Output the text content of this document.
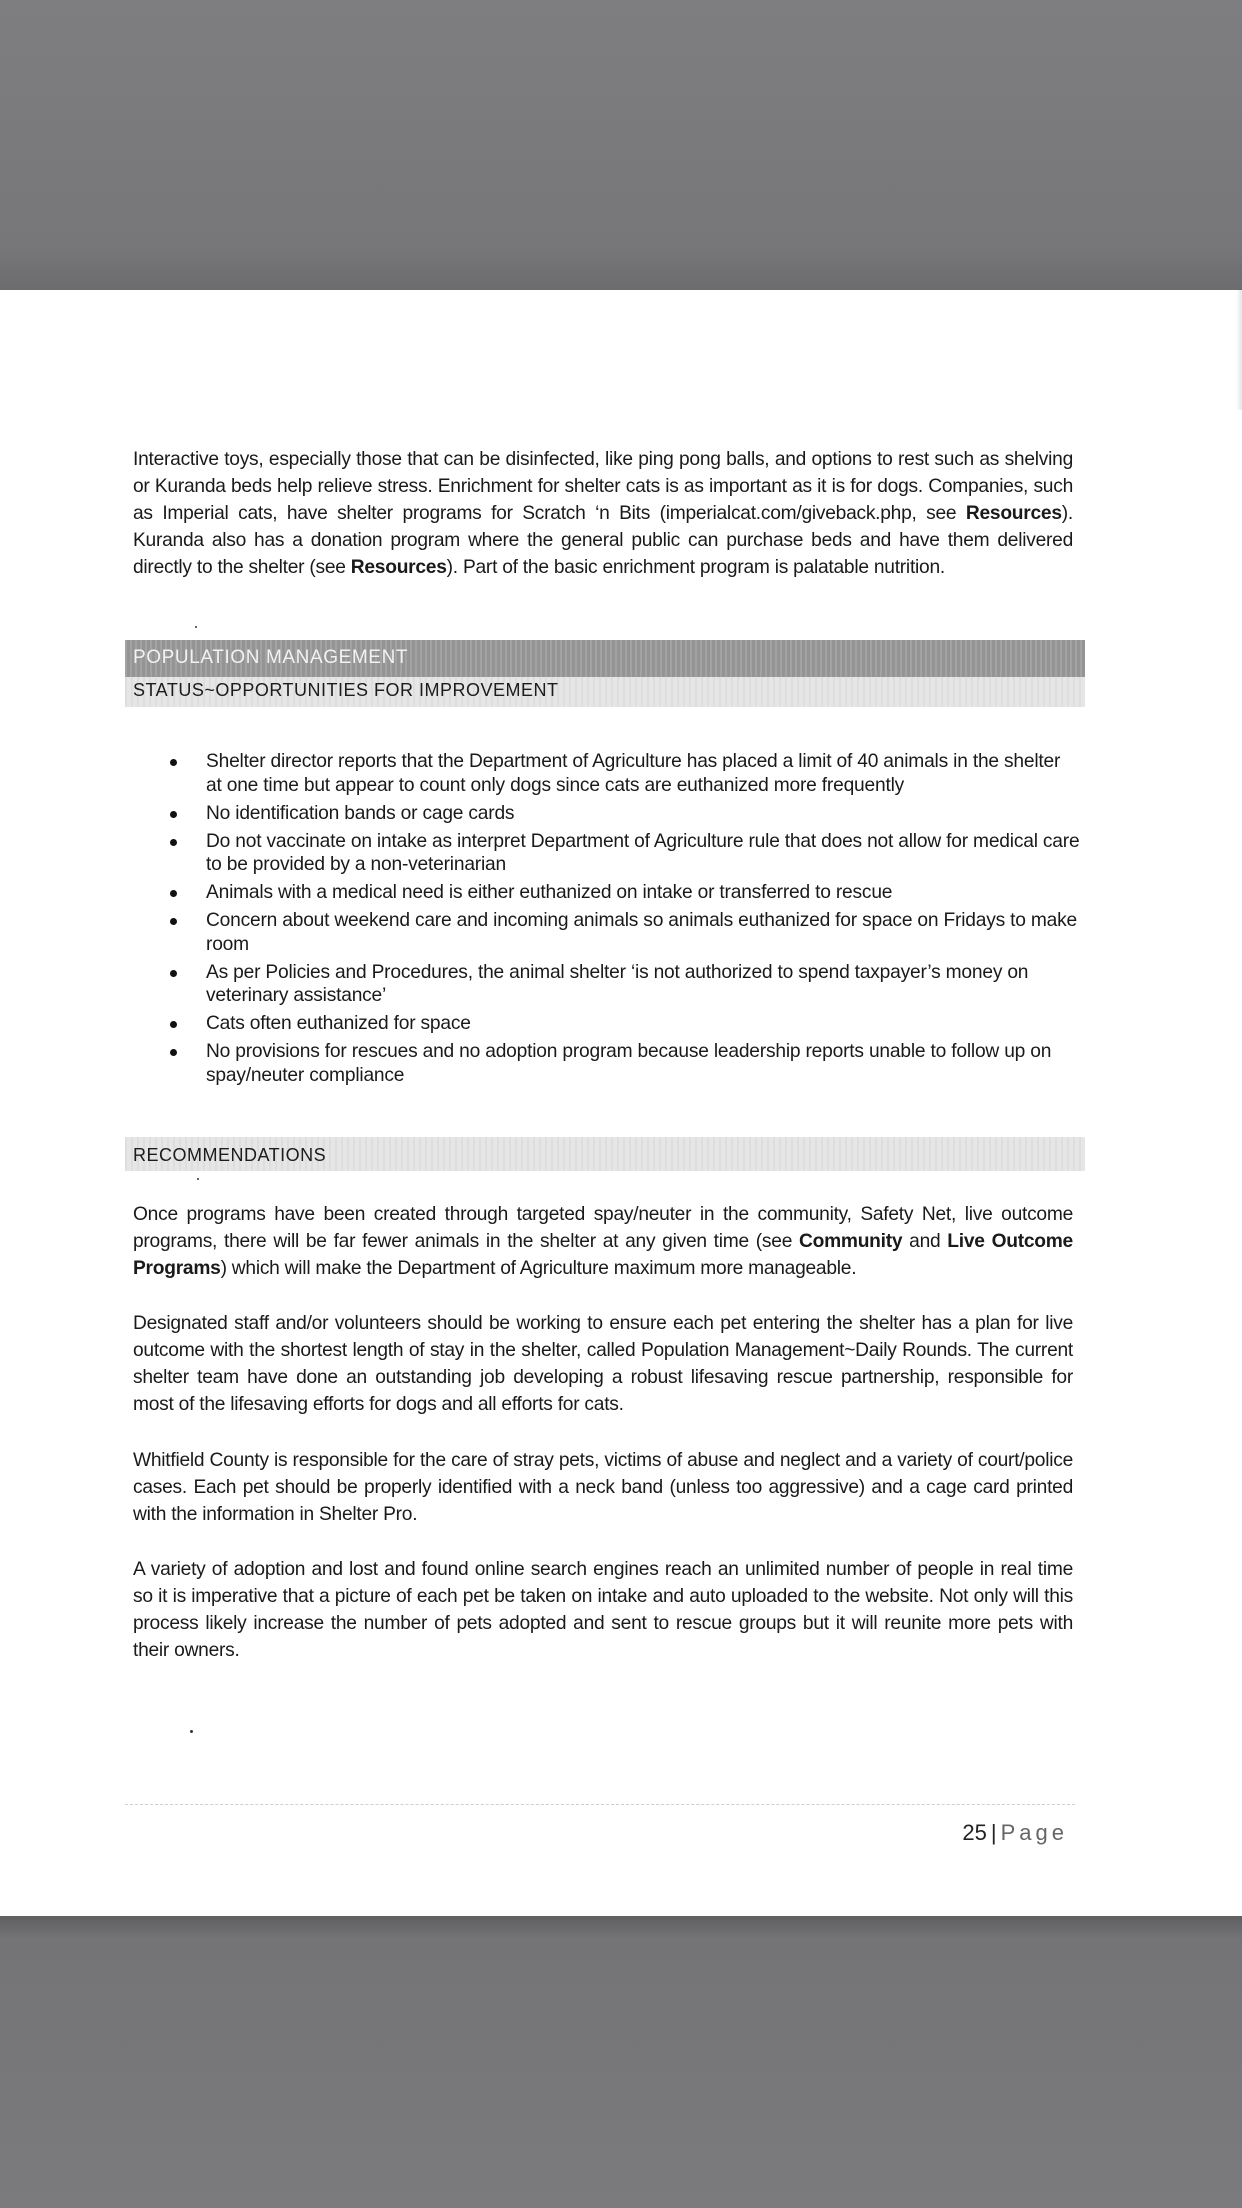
Interactive toys, especially those that can be disinfected, like ping pong balls, and options to rest such as shelving or Kuranda beds help relieve stress. Enrichment for shelter cats is as important as it is for dogs. Companies, such as Imperial cats, have shelter programs for Scratch ‘n Bits (imperialcat.com/giveback.php, see Resources). Kuranda also has a donation program where the general public can purchase beds and have them delivered directly to the shelter (see Resources). Part of the basic enrichment program is palatable nutrition.

POPULATION MANAGEMENT
STATUS~OPPORTUNITIES FOR IMPROVEMENT
Shelter director reports that the Department of Agriculture has placed a limit of 40 animals in the shelter at one time but appear to count only dogs since cats are euthanized more frequently
No identification bands or cage cards
Do not vaccinate on intake as interpret Department of Agriculture rule that does not allow for medical care to be provided by a non-veterinarian
Animals with a medical need is either euthanized on intake or transferred to rescue
Concern about weekend care and incoming animals so animals euthanized for space on Fridays to make room
As per Policies and Procedures, the animal shelter ‘is not authorized to spend taxpayer’s money on veterinary assistance’
Cats often euthanized for space
No provisions for rescues and no adoption program because leadership reports unable to follow up on spay/neuter compliance
RECOMMENDATIONS

Once programs have been created through targeted spay/neuter in the community, Safety Net, live outcome programs, there will be far fewer animals in the shelter at any given time (see Community and Live Outcome Programs) which will make the Department of Agriculture maximum more manageable.

Designated staff and/or volunteers should be working to ensure each pet entering the shelter has a plan for live outcome with the shortest length of stay in the shelter, called Population Management~Daily Rounds. The current shelter team have done an outstanding job developing a robust lifesaving rescue partnership, responsible for most of the lifesaving efforts for dogs and all efforts for cats.

Whitfield County is responsible for the care of stray pets, victims of abuse and neglect and a variety of court/police cases. Each pet should be properly identified with a neck band (unless too aggressive) and a cage card printed with the information in Shelter Pro.

A variety of adoption and lost and found online search engines reach an unlimited number of people in real time so it is imperative that a picture of each pet be taken on intake and auto uploaded to the website. Not only will this process likely increase the number of pets adopted and sent to rescue groups but it will reunite more pets with their owners.

25 | Page
